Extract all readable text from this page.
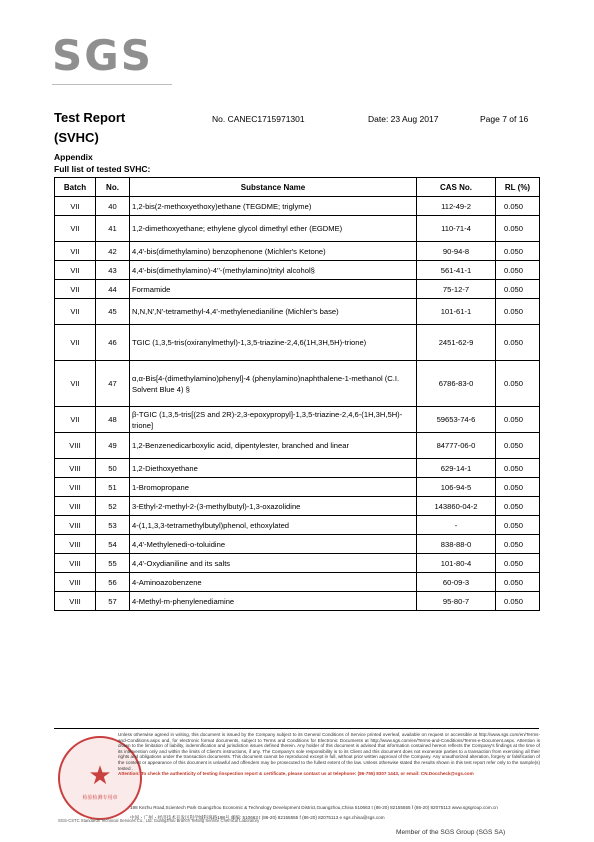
SGS
Test Report
(SVHC)
No. CANEC1715971301	Date: 23 Aug 2017	Page 7 of 16
Appendix
Full list of tested SVHC:
Batch	No.	Substance Name	CAS No.	RL (%)
VII	40	1,2-bis(2-methoxyethoxy)ethane (TEGDME; triglyme)	112-49-2	0.050
VII	41	1,2-dimethoxyethane; ethylene glycol dimethyl ether (EGDME)	110-71-4	0.050
VII	42	4,4'-bis(dimethylamino) benzophenone (Michler's Ketone)	90-94-8	0.050
VII	43	4,4'-bis(dimethylamino)-4''-(methylamino)trityl alcohol§	561-41-1	0.050
VII	44	Formamide	75-12-7	0.050
VII	45	N,N,N',N'-tetramethyl-4,4'-methylenedianiline (Michler's base)	101-61-1	0.050
VII	46	TGIC (1,3,5-tris(oxiranylmethyl)-1,3,5-triazine-2,4,6(1H,3H,5H)-trione)	2451-62-9	0.050
VII	47	α,α-Bis[4-(dimethylamino)phenyl]-4 (phenylamino)naphthalene-1-methanol (C.I. Solvent Blue 4) §	6786-83-0	0.050
VII	48	β-TGIC (1,3,5-tris[(2S and 2R)-2,3-epoxypropyl]-1,3,5-triazine-2,4,6-(1H,3H,5H)-trione]	59653-74-6	0.050
VIII	49	1,2-Benzenedicarboxylic acid, dipentylester, branched and linear	84777-06-0	0.050
VIII	50	1,2-Diethoxyethane	629-14-1	0.050
VIII	51	1-Bromopropane	106-94-5	0.050
VIII	52	3-Ethyl-2-methyl-2-(3-methylbutyl)-1,3-oxazolidine	143860-04-2	0.050
VIII	53	4-(1,1,3,3-tetramethylbutyl)phenol, ethoxylated	-	0.050
VIII	54	4,4'-Methylenedi-o-toluidine	838-88-0	0.050
VIII	55	4,4'-Oxydianiline and its salts	101-80-4	0.050
VIII	56	4-Aminoazobenzene	60-09-3	0.050
VIII	57	4-Methyl-m-phenylenediamine	95-80-7	0.050
★
检验检测专用章
Unless otherwise agreed in writing, this document is issued by the Company subject to its General Conditions of Service printed overleaf, available on request or accessible at http://www.sgs.com/en/Terms-and-Conditions.aspx and, for electronic format documents, subject to Terms and Conditions for Electronic Documents at http://www.sgs.com/en/Terms-and-Conditions/Terms-e-Document.aspx. Attention is drawn to the limitation of liability, indemnification and jurisdiction issues defined therein. Any holder of this document is advised that information contained hereon reflects the Company's findings at the time of its intervention only and within the limits of Client's instructions, if any. The Company's sole responsibility is to its Client and this document does not exonerate parties to a transaction from exercising all their rights and obligations under the transaction documents. This document cannot be reproduced except in full, without prior written approval of the Company. Any unauthorized alteration, forgery or falsification of the content or appearance of this document is unlawful and offenders may be prosecuted to the fullest extent of the law. Unless otherwise stated the results shown in this test report refer only to the sample(s) tested .
Attention: To check the authenticity of testing /inspection report & certificate, please contact us at telephone: (86-755) 8307 1443, or email: CN.Doccheck@sgs.com
198 Kezhu Road,Scientech Park Guangzhou Economic & Technology Development District,Guangzhou,China 510663 t (86-20) 82155555 f (86-20) 82075113 www.sgsgroup.com.cn
中国・广州・经济技术开发区科学城科珠路198号 邮编: 510663 t (86-20) 82155555 f (86-20) 82075113 e sgs.china@sgs.com
SGS-CSTC Standards Technical Services Co., Ltd. Guangzhou Branch Testing Service Chemical Laboratory
Member of the SGS Group (SGS SA)
